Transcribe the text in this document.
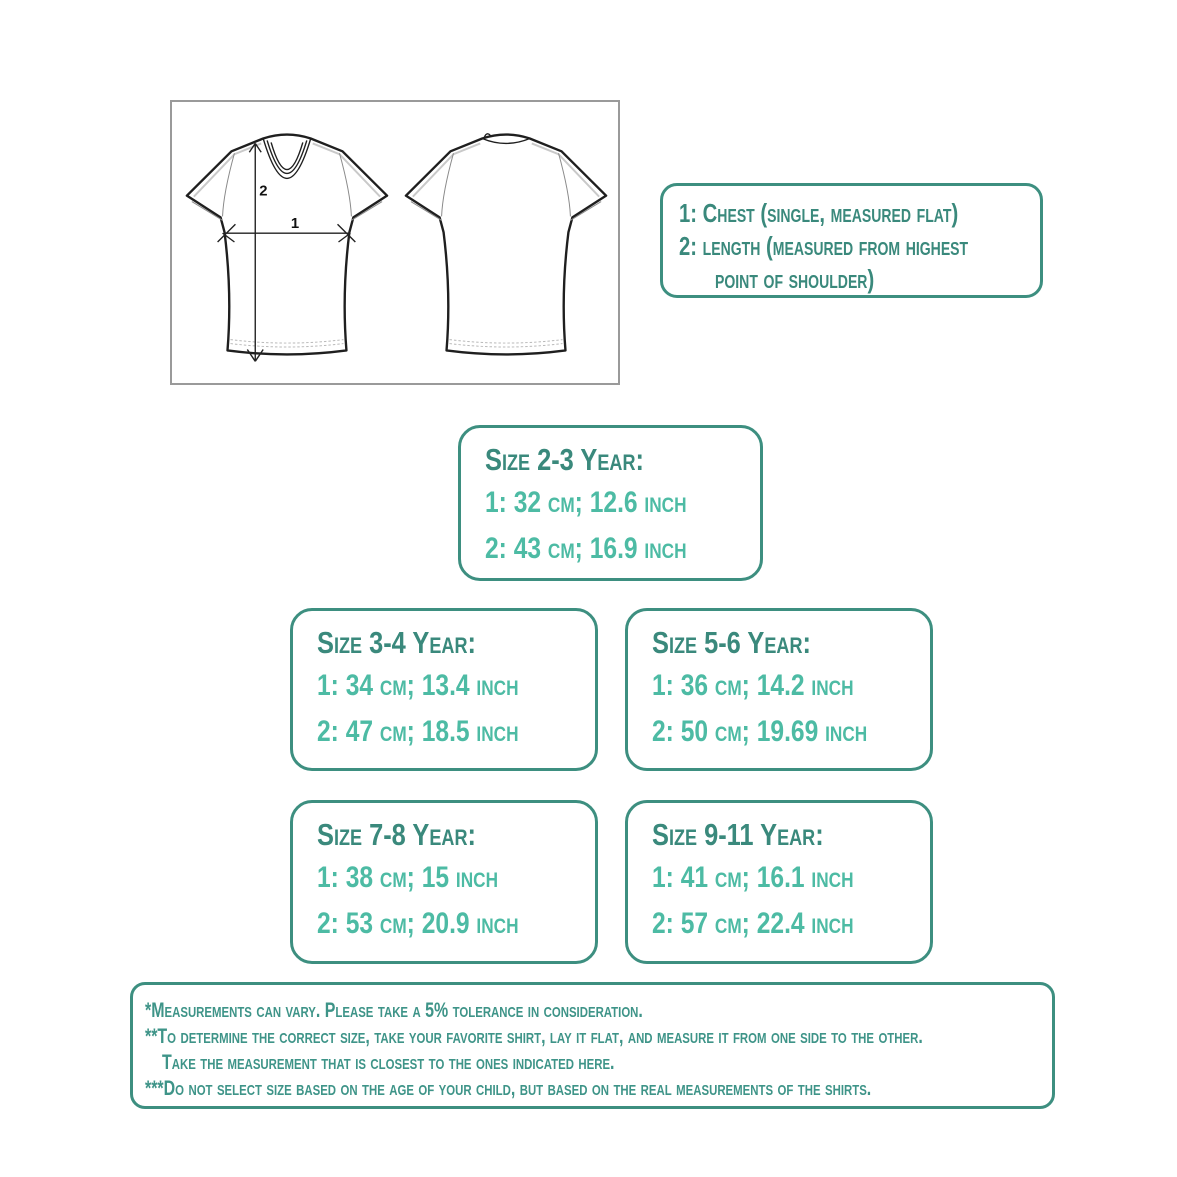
1
2
1: Chest (single, measured flat)
2: length (measured from highest
point of shoulder)
Size 2-3 Year:
1: 32 cm; 12.6 inch
2: 43 cm; 16.9 inch
Size 3-4 Year:
1: 34 cm; 13.4 inch
2: 47 cm; 18.5 inch
Size 5-6 Year:
1: 36 cm; 14.2 inch
2: 50 cm; 19.69 inch
Size 7-8 Year:
1: 38 cm; 15 inch
2: 53 cm; 20.9 inch
Size 9-11 Year:
1: 41 cm; 16.1 inch
2: 57 cm; 22.4 inch
*Measurements can vary. Please take a 5% tolerance in consideration.
**To determine the correct size, take your favorite shirt, lay it flat, and measure it from one side to the other.
Take the measurement that is closest to the ones indicated here.
***Do not select size based on the age of your child, but based on the real measurements of the shirts.
